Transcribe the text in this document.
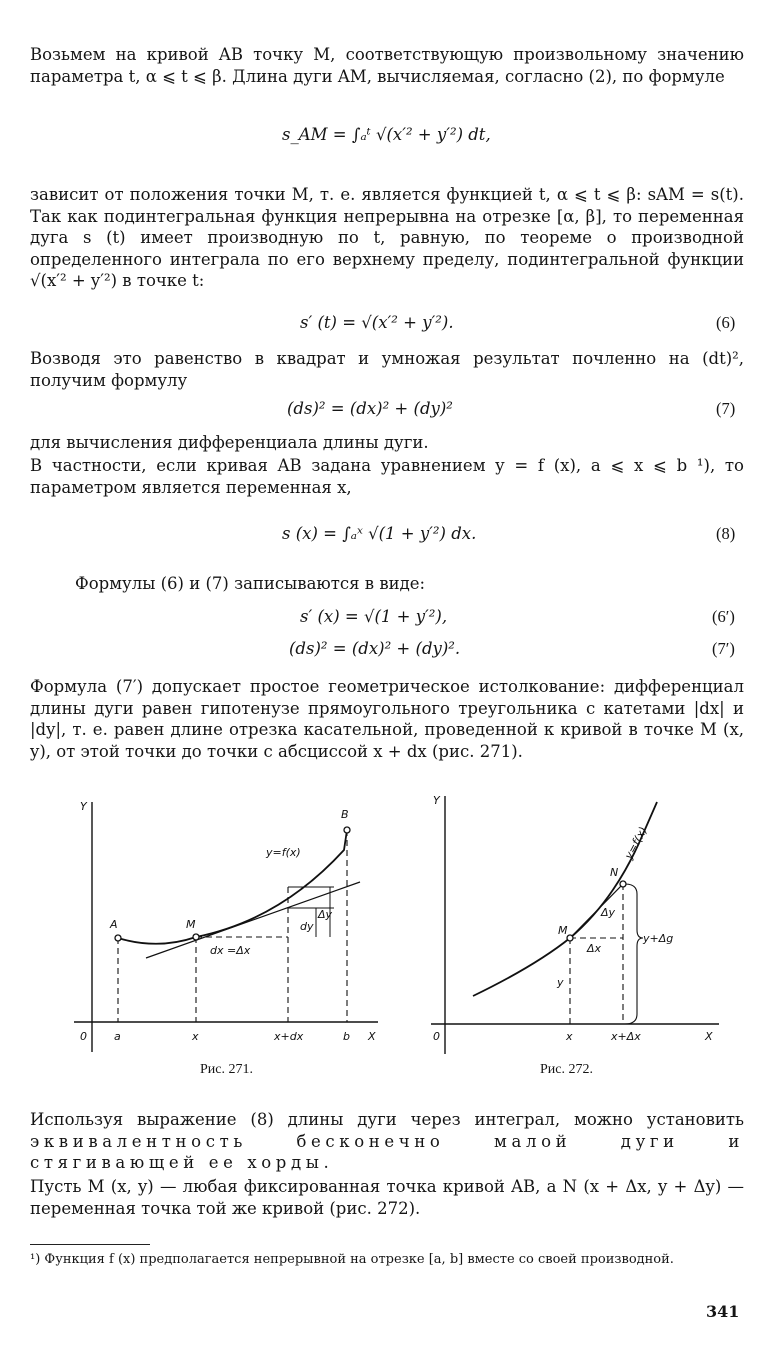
Возьмем на кривой AB точку M, соответствующую произвольному значению параметра t, α ⩽ t ⩽ β. Длина дуги AM, вычисляемая, согласно (2), по формуле

s_AM = ∫ₐᵗ √(x′² + y′²) dt,

зависит от положения точки M, т. е. является функцией t, α ⩽ t ⩽ β: sAM = s(t). Так как подинтегральная функция непрерывна на отрезке [α, β], то переменная дуга s (t) имеет производную по t, равную, по теореме о производной определенного интеграла по его верхнему пределу, подинтегральной функции √(x′² + y′²) в точке t:

s′ (t) = √(x′² + y′²).	(6)

Возводя это равенство в квадрат и умножая результат почленно на (dt)², получим формулу

(ds)² = (dx)² + (dy)²	(7)

для вычисления дифференциала длины дуги.

В частности, если кривая AB задана уравнением y = f (x), a ⩽ x ⩽ b ¹), то параметром является переменная x,

s (x) = ∫ₐˣ √(1 + y′²) dx.	(8)

Формулы (6) и (7) записываются в виде:

s′ (x) = √(1 + y′²),	(6′)
(ds)² = (dx)² + (dy)².	(7′)

Формула (7′) допускает простое геометрическое истолкование: дифференциал длины дуги равен гипотенузе прямоугольного треугольника с катетами |dx| и |dy|, т. е. равен длине отрезка касательной, проведенной к кривой в точке M (x, y), от этой точки до точки с абсциссой x + dx (рис. 271).

Y
X
0 a	x	x+dx	b
A	M
B
y=f(x)
dx =Δx
dy
Δy
Рис. 271.
Y
X
0	x	x+Δx
M
N
y=f(x)
Δx
Δy
y
y+Δg
Рис. 272.

Используя выражение (8) длины дуги через интеграл, можно установить эквивалентность бесконечно малой дуги и стягивающей ее хорды.

Пусть M (x, y) — любая фиксированная точка кривой AB, а N (x + Δx, y + Δy) — переменная точка той же кривой (рис. 272).

¹) Функция f (x) предполагается непрерывной на отрезке [a, b] вместе со своей производной.
341
